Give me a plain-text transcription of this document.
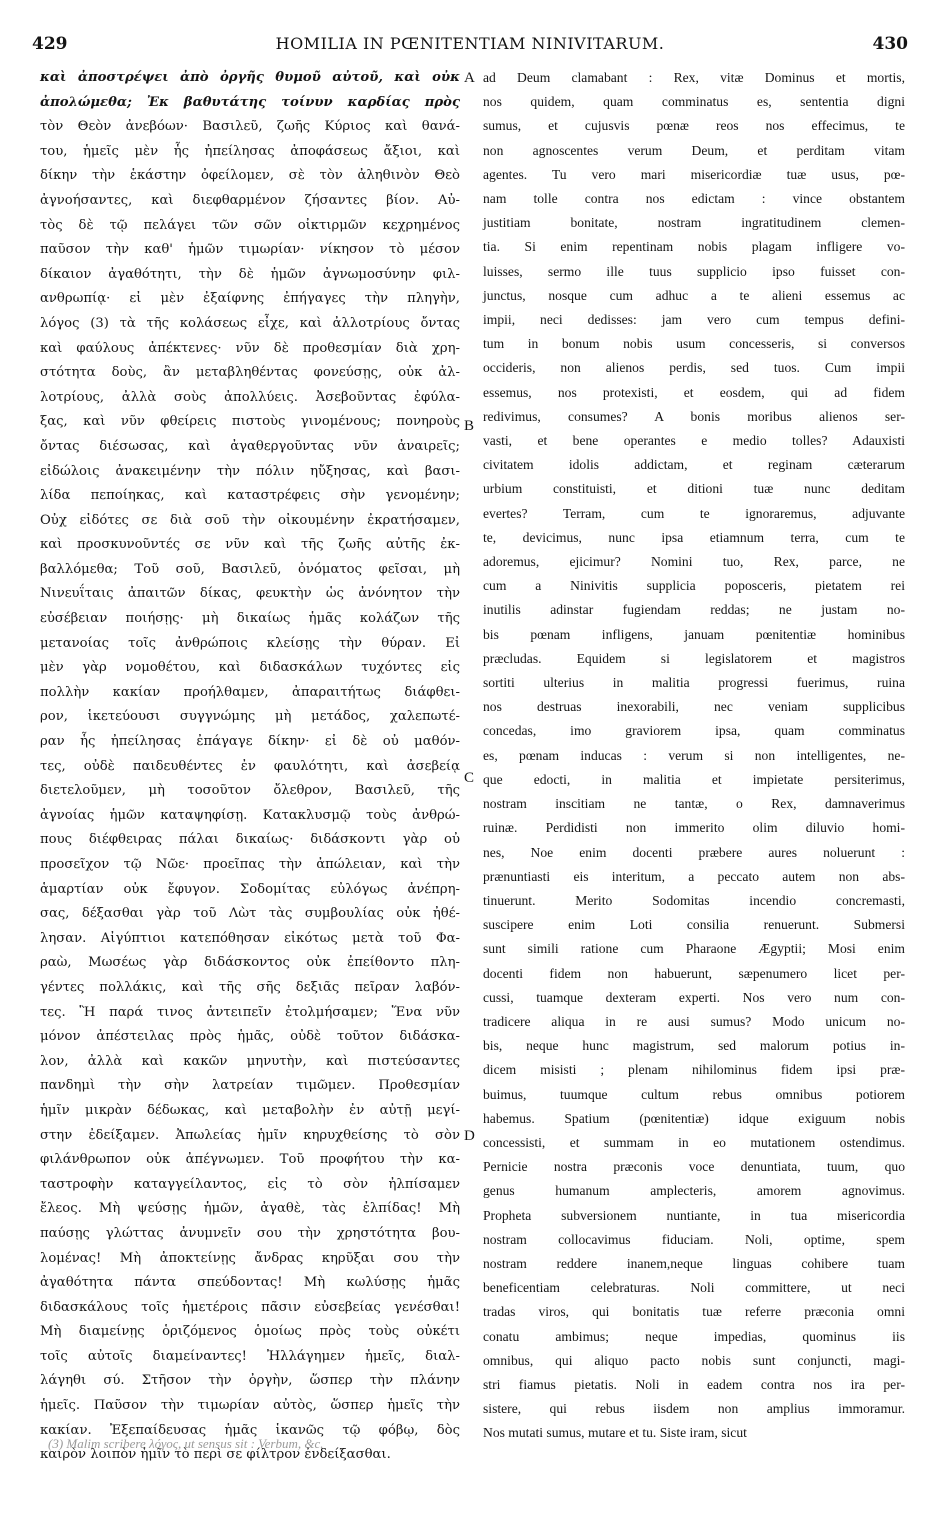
429	HOMILIA IN PŒNITENTIAM NINIVITARUM.	430
καὶ ἀποστρέψει ἀπὸ ὀργῆς θυμοῦ αὐτοῦ, καὶ οὐκ
ἀπολώμεθα; Ἐκ βαθυτάτης τοίνυν καρδίας πρὸς
τὸν Θεὸν ἀνεβόων· Βασιλεῦ, ζωῆς Κύριος καὶ θανά-
του, ἡμεῖς μὲν ἧς ἠπείλησας ἀποφάσεως ἄξιοι, καὶ
δίκην τὴν ἑκάστην ὀφείλομεν, σὲ τὸν ἀληθινὸν Θεὸ
ἀγνοήσαντες, καὶ διεφθαρμένον ζήσαντες βίον. Αὐ-
τὸς δὲ τῷ πελάγει τῶν σῶν οἰκτιρμῶν κεχρημένος
παῦσον τὴν καθ' ἡμῶν τιμωρίαν· νίκησον τὸ μέσον
δίκαιον ἀγαθότητι, τὴν δὲ ἡμῶν ἀγνωμοσύνην φιλ-
ανθρωπίᾳ· εἰ μὲν ἐξαίφνης ἐπήγαγες τὴν πληγὴν,
λόγος (3) τὰ τῆς κολάσεως εἶχε, καὶ ἀλλοτρίους ὄντας
καὶ φαύλους ἀπέκτενες· νῦν δὲ προθεσμίαν διὰ χρη-
στότητα δοὺς, ἂν μεταβληθέντας φονεύσῃς, οὐκ ἀλ-
λοτρίους, ἀλλὰ σοὺς ἀπολλύεις. Ἀσεβοῦντας ἐφύλα-
ξας, καὶ νῦν φθείρεις πιστοὺς γινομένους; πονηροὺς
ὄντας διέσωσας, καὶ ἀγαθεργοῦντας νῦν ἀναιρεῖς;
εἰδώλοις ἀνακειμένην τὴν πόλιν ηὔξησας, καὶ βασι-
λίδα πεποίηκας, καὶ καταστρέφεις σὴν γενομένην;
Οὐχ εἰδότες σε διὰ σοῦ τὴν οἰκουμένην ἐκρατήσαμεν,
καὶ προσκυνοῦντές σε νῦν καὶ τῆς ζωῆς αὐτῆς ἐκ-
βαλλόμεθα; Τοῦ σοῦ, Βασιλεῦ, ὀνόματος φεῖσαι, μὴ
Νινευΐταις ἀπαιτῶν δίκας, φευκτὴν ὡς ἀνόνητον τὴν
εὐσέβειαν ποιήσῃς· μὴ δικαίως ἡμᾶς κολάζων τῆς
μετανοίας τοῖς ἀνθρώποις κλείσῃς τὴν θύραν. Εἰ
μὲν γὰρ νομοθέτου, καὶ διδασκάλων τυχόντες εἰς
πολλὴν κακίαν προήλθαμεν, ἀπαραιτήτως διάφθει-
ρον, ἱκετεύουσι συγγνώμης μὴ μετάδος, χαλεπωτέ-
ραν ἧς ἠπείλησας ἐπάγαγε δίκην· εἰ δὲ οὐ μαθόν-
τες, οὐδὲ παιδευθέντες ἐν φαυλότητι, καὶ ἀσεβείᾳ
διετελοῦμεν, μὴ τοσοῦτον ὄλεθρον, Βασιλεῦ, τῆς
ἀγνοίας ἡμῶν καταψηφίσῃ. Κατακλυσμῷ τοὺς ἀνθρώ-
πους διέφθειρας πάλαι δικαίως· διδάσκοντι γὰρ οὐ
προσεῖχον τῷ Νῶε· προεῖπας τὴν ἀπώλειαν, καὶ τὴν
ἁμαρτίαν οὐκ ἔφυγον. Σοδομίτας εὐλόγως ἀνέπρη-
σας, δέξασθαι γὰρ τοῦ Λὼτ τὰς συμβουλίας οὐκ ἠθέ-
λησαν. Αἰγύπτιοι κατεπόθησαν εἰκότως μετὰ τοῦ Φα-
ραὼ, Μωσέως γὰρ διδάσκοντος οὐκ ἐπείθοντο πλη-
γέντες πολλάκις, καὶ τῆς σῆς δεξιᾶς πεῖραν λαβόν-
τες. Ἢ παρά τινος ἀντειπεῖν ἐτολμήσαμεν; Ἕνα νῦν
μόνον ἀπέστειλας πρὸς ἡμᾶς, οὐδὲ τοῦτον διδάσκα-
λον, ἀλλὰ καὶ κακῶν μηνυτὴν, καὶ πιστεύσαντες
πανδημὶ τὴν σὴν λατρείαν τιμῶμεν. Προθεσμίαν
ἡμῖν μικρὰν δέδωκας, καὶ μεταβολὴν ἐν αὐτῇ μεγί-
στην ἐδείξαμεν. Ἀπωλείας ἡμῖν κηρυχθείσης τὸ σὸν
φιλάνθρωπον οὐκ ἀπέγνωμεν. Τοῦ προφήτου τὴν κα-
ταστροφὴν καταγγείλαντος, εἰς τὸ σὸν ἠλπίσαμεν
ἔλεος. Μὴ ψεύσῃς ἡμῶν, ἀγαθὲ, τὰς ἐλπίδας! Μὴ
παύσῃς γλώττας ἀνυμνεῖν σου τὴν χρηστότητα βου-
λομένας! Μὴ ἀποκτείνῃς ἄνδρας κηρῦξαι σου τὴν
ἀγαθότητα πάντα σπεύδοντας! Μὴ κωλύσῃς ἡμᾶς
διδασκάλους τοῖς ἡμετέροις πᾶσιν εὐσεβείας γενέσθαι!
Μὴ διαμείνῃς ὁριζόμενος ὁμοίως πρὸς τοὺς οὐκέτι
τοῖς αὐτοῖς διαμείναντες! Ἠλλάγημεν ἡμεῖς, διαλ-
λάγηθι σύ. Στῆσον τὴν ὀργὴν, ὥσπερ τὴν πλάνην
ἡμεῖς. Παῦσον τὴν τιμωρίαν αὐτὸς, ὥσπερ ἡμεῖς τὴν
κακίαν. Ἐξεπαίδευσας ἡμᾶς ἱκανῶς τῷ φόβῳ, δὸς
καιρὸν λοιπὸν ἡμῖν τὸ περὶ σε φίλτρον ἐνδείξασθαι.
ad Deum clamabant : Rex, vitæ Dominus et mortis,
nos quidem, quam comminatus es, sententia digni
sumus, et cujusvis pœnæ reos nos effecimus, te
non agnoscentes verum Deum, et perditam vitam
agentes. Tu vero mari misericordiæ tuæ usus, pœ-
nam tolle contra nos edictam : vince obstantem
justitiam bonitate, nostram ingratitudinem clemen-
tia. Si enim repentinam nobis plagam infligere vo-
luisses, sermo ille tuus supplicio ipso fuisset con-
junctus, nosque cum adhuc a te alieni essemus ac
impii, neci dedisses: jam vero cum tempus defini-
tum in bonum nobis usum concesseris, si conversos
occideris, non alienos perdis, sed tuos. Cum impii
essemus, nos protexisti, et eosdem, qui ad fidem
redivimus, consumes? A bonis moribus alienos ser-
vasti, et bene operantes e medio tolles? Adauxisti
civitatem idolis addictam, et reginam cæterarum
urbium constituisti, et ditioni tuæ nunc deditam
evertes? Terram, cum te ignoraremus, adjuvante
te, devicimus, nunc ipsa etiamnum terra, cum te
adoremus, ejicimur? Nomini tuo, Rex, parce, ne
cum a Ninivitis supplicia poposceris, pietatem rei
inutilis adinstar fugiendam reddas; ne justam no-
bis pœnam infligens, januam pœnitentiæ hominibus
præcludas. Equidem si legislatorem et magistros
sortiti ulterius in malitia progressi fuerimus, ruina
nos destruas inexorabili, nec veniam supplicibus
concedas, imo graviorem ipsa, quam comminatus
es, pœnam inducas : verum si non intelligentes, ne-
que edocti, in malitia et impietate persiterimus,
nostram inscitiam ne tantæ, o Rex, damnaverimus
ruinæ. Perdidisti non immerito olim diluvio homi-
nes, Noe enim docenti præbere aures noluerunt :
prænuntiasti eis interitum, a peccato autem non abs-
tinuerunt. Merito Sodomitas incendio concremasti,
suscipere enim Loti consilia renuerunt. Submersi
sunt simili ratione cum Pharaone Ægyptii; Mosi enim
docenti fidem non habuerunt, sæpenumero licet per-
cussi, tuamque dexteram experti. Nos vero num con-
tradicere aliqua in re ausi sumus? Modo unicum no-
bis, neque hunc magistrum, sed malorum potius in-
dicem misisti ; plenam nihilominus fidem ipsi præ-
buimus, tuumque cultum rebus omnibus potiorem
habemus. Spatium (pœnitentiæ) idque exiguum nobis
concessisti, et summam in eo mutationem ostendimus.
Pernicie nostra præconis voce denuntiata, tuum, quo
genus humanum amplecteris, amorem agnovimus.
Propheta subversionem nuntiante, in tua misericordia
nostram collocavimus fiduciam. Noli, optime, spem
nostram reddere inanem,neque linguas cohibere tuam
beneficentiam celebraturas. Noli committere, ut neci
tradas viros, qui bonitatis tuæ referre præconia omni
conatu ambimus; neque impedias, quominus iis
omnibus, qui aliquo pacto nobis sunt conjuncti, magi-
stri fiamus pietatis. Noli in eadem contra nos ira per-
sistere, qui rebus iisdem non amplius immoramur.
Nos mutati sumus, mutare et tu. Siste iram, sicut
A
B
C
D
(3) Malim scribere λόγος, ut sensus sit : Verbum, &c.
